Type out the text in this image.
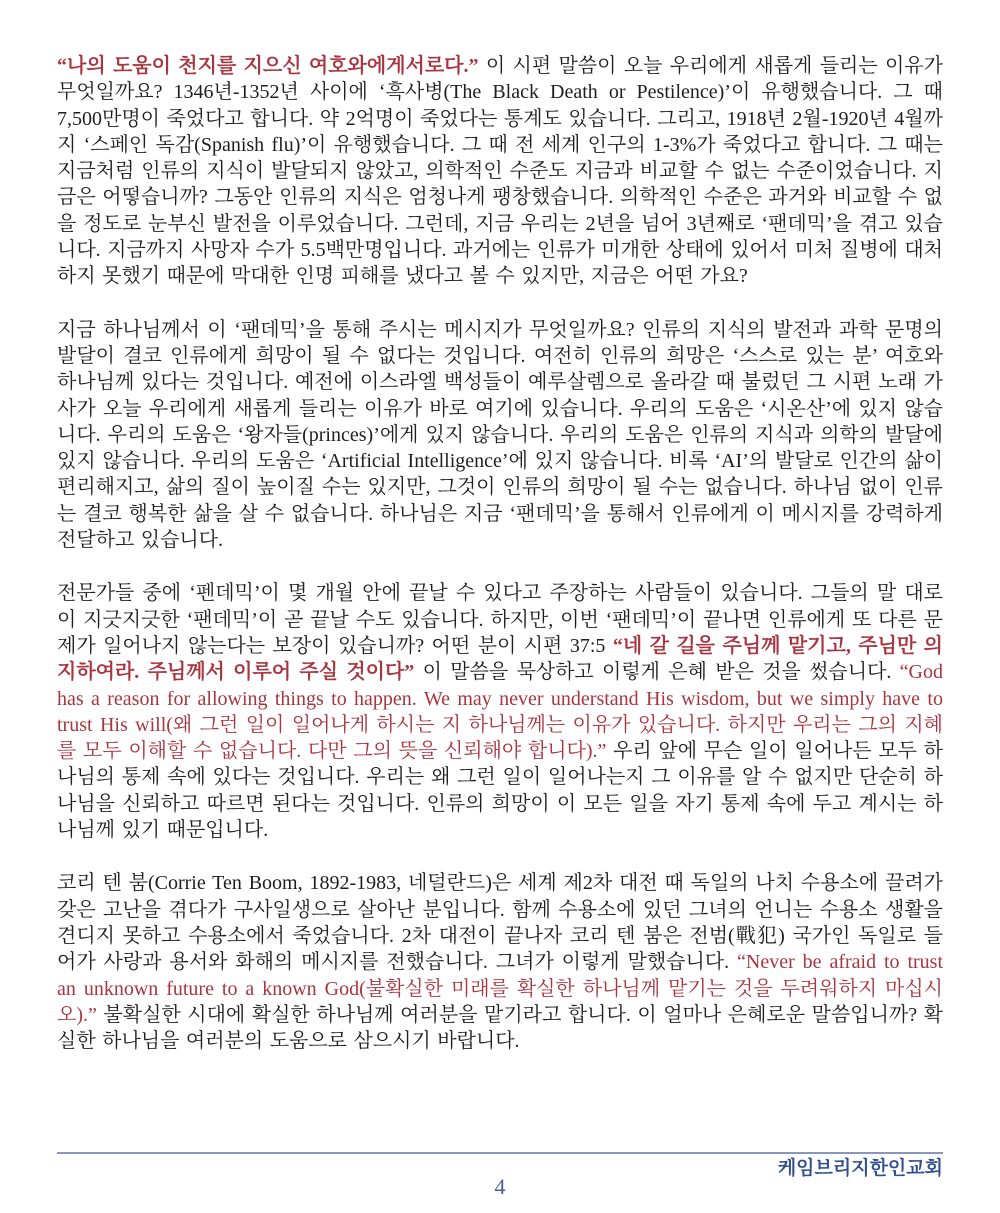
“나의 도움이 천지를 지으신 여호와에게서로다.” 이 시편 말씀이 오늘 우리에게 새롭게 들리는 이유가 무엇일까요? 1346년-1352년 사이에 ‘흑사병(The Black Death or Pestilence)’이 유행했습니다. 그 때 7,500만명이 죽었다고 합니다. 약 2억명이 죽었다는 통계도 있습니다. 그리고, 1918년 2월-1920년 4월까지 ‘스페인 독감(Spanish flu)’이 유행했습니다. 그 때 전 세계 인구의 1-3%가 죽었다고 합니다. 그 때는 지금처럼 인류의 지식이 발달되지 않았고, 의학적인 수준도 지금과 비교할 수 없는 수준이었습니다. 지금은 어떻습니까? 그동안 인류의 지식은 엄청나게 팽창했습니다. 의학적인 수준은 과거와 비교할 수 없을 정도로 눈부신 발전을 이루었습니다. 그런데, 지금 우리는 2년을 넘어 3년째로 ‘팬데믹’을 겪고 있습니다. 지금까지 사망자 수가 5.5백만명입니다. 과거에는 인류가 미개한 상태에 있어서 미처 질병에 대처하지 못했기 때문에 막대한 인명 피해를 냈다고 볼 수 있지만, 지금은 어떤 가요?

지금 하나님께서 이 ‘팬데믹’을 통해 주시는 메시지가 무엇일까요? 인류의 지식의 발전과 과학 문명의 발달이 결코 인류에게 희망이 될 수 없다는 것입니다. 여전히 인류의 희망은 ‘스스로 있는 분’ 여호와 하나님께 있다는 것입니다. 예전에 이스라엘 백성들이 예루살렘으로 올라갈 때 불렀던 그 시편 노래 가사가 오늘 우리에게 새롭게 들리는 이유가 바로 여기에 있습니다. 우리의 도움은 ‘시온산’에 있지 않습니다. 우리의 도움은 ‘왕자들(princes)’에게 있지 않습니다. 우리의 도움은 인류의 지식과 의학의 발달에 있지 않습니다. 우리의 도움은 ‘Artificial Intelligence’에 있지 않습니다. 비록 ‘AI’의 발달로 인간의 삶이 편리해지고, 삶의 질이 높이질 수는 있지만, 그것이 인류의 희망이 될 수는 없습니다. 하나님 없이 인류는 결코 행복한 삶을 살 수 없습니다. 하나님은 지금 ‘팬데믹’을 통해서 인류에게 이 메시지를 강력하게 전달하고 있습니다.

전문가들 중에 ‘펜데믹’이 몇 개월 안에 끝날 수 있다고 주장하는 사람들이 있습니다. 그들의 말 대로 이 지긋지긋한 ‘팬데믹’이 곧 끝날 수도 있습니다. 하지만, 이번 ‘팬데믹’이 끝나면 인류에게 또 다른 문제가 일어나지 않는다는 보장이 있습니까? 어떤 분이 시편 37:5 “네 갈 길을 주님께 맡기고, 주님만 의지하여라. 주님께서 이루어 주실 것이다” 이 말씀을 묵상하고 이렇게 은혜 받은 것을 썼습니다. “God has a reason for allowing things to happen. We may never understand His wisdom, but we simply have to trust His will(왜 그런 일이 일어나게 하시는 지 하나님께는 이유가 있습니다. 하지만 우리는 그의 지혜를 모두 이해할 수 없습니다. 다만 그의 뜻을 신뢰해야 합니다).” 우리 앞에 무슨 일이 일어나든 모두 하나님의 통제 속에 있다는 것입니다. 우리는 왜 그런 일이 일어나는지 그 이유를 알 수 없지만 단순히 하나님을 신뢰하고 따르면 된다는 것입니다. 인류의 희망이 이 모든 일을 자기 통제 속에 두고 계시는 하나님께 있기 때문입니다.

코리 텐 붐(Corrie Ten Boom, 1892-1983, 네덜란드)은 세계 제2차 대전 때 독일의 나치 수용소에 끌려가 갖은 고난을 겪다가 구사일생으로 살아난 분입니다. 함께 수용소에 있던 그녀의 언니는 수용소 생활을 견디지 못하고 수용소에서 죽었습니다. 2차 대전이 끝나자 코리 텐 붐은 전범(戰犯) 국가인 독일로 들어가 사랑과 용서와 화해의 메시지를 전했습니다. 그녀가 이렇게 말했습니다. “Never be afraid to trust an unknown future to a known God(불확실한 미래를 확실한 하나님께 맡기는 것을 두려워하지 마십시오).” 불확실한 시대에 확실한 하나님께 여러분을 맡기라고 합니다. 이 얼마나 은혜로운 말씀입니까? 확실한 하나님을 여러분의 도움으로 삼으시기 바랍니다.

케임브리지한인교회
4
